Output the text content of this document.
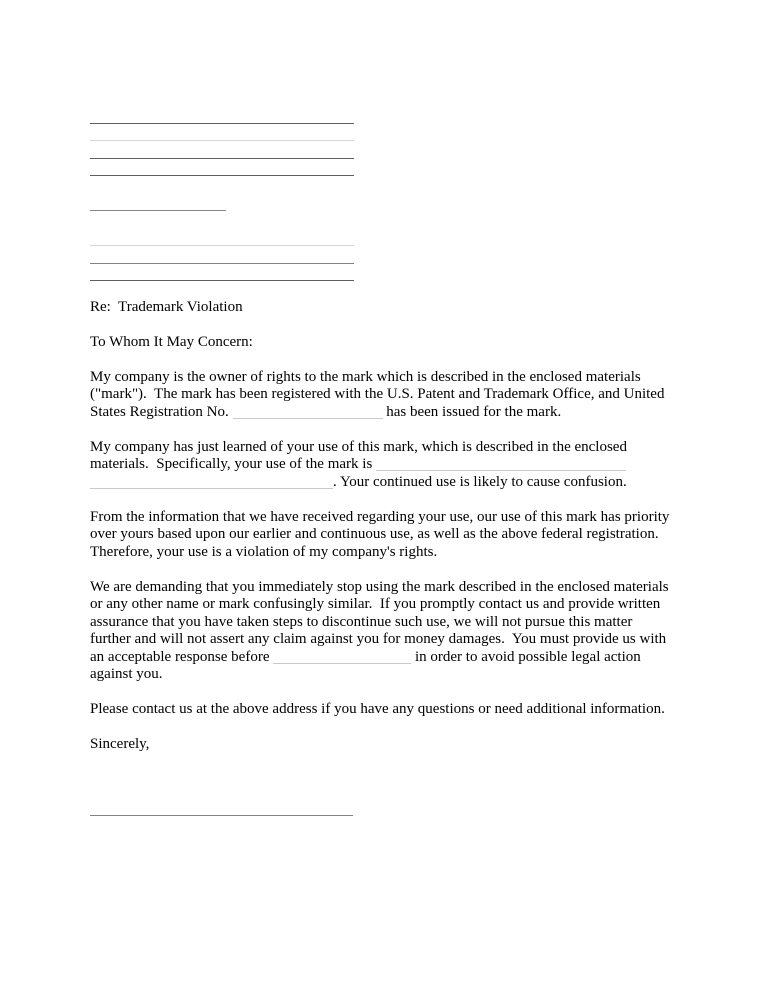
Re:  Trademark Violation
To Whom It May Concern:
My company is the owner of rights to the mark which is described in the enclosed materials
("mark").  The mark has been registered with the U.S. Patent and Trademark Office, and United
States Registration No.	has been issued for the mark.
My company has just learned of your use of this mark, which is described in the enclosed
materials.  Specifically, your use of the mark is
. Your continued use is likely to cause confusion.
From the information that we have received regarding your use, our use of this mark has priority
over yours based upon our earlier and continuous use, as well as the above federal registration.
Therefore, your use is a violation of my company's rights.
We are demanding that you immediately stop using the mark described in the enclosed materials
or any other name or mark confusingly similar.  If you promptly contact us and provide written
assurance that you have taken steps to discontinue such use, we will not pursue this matter
further and will not assert any claim against you for money damages.  You must provide us with
an acceptable response before	in order to avoid possible legal action
against you.
Please contact us at the above address if you have any questions or need additional information.
Sincerely,
